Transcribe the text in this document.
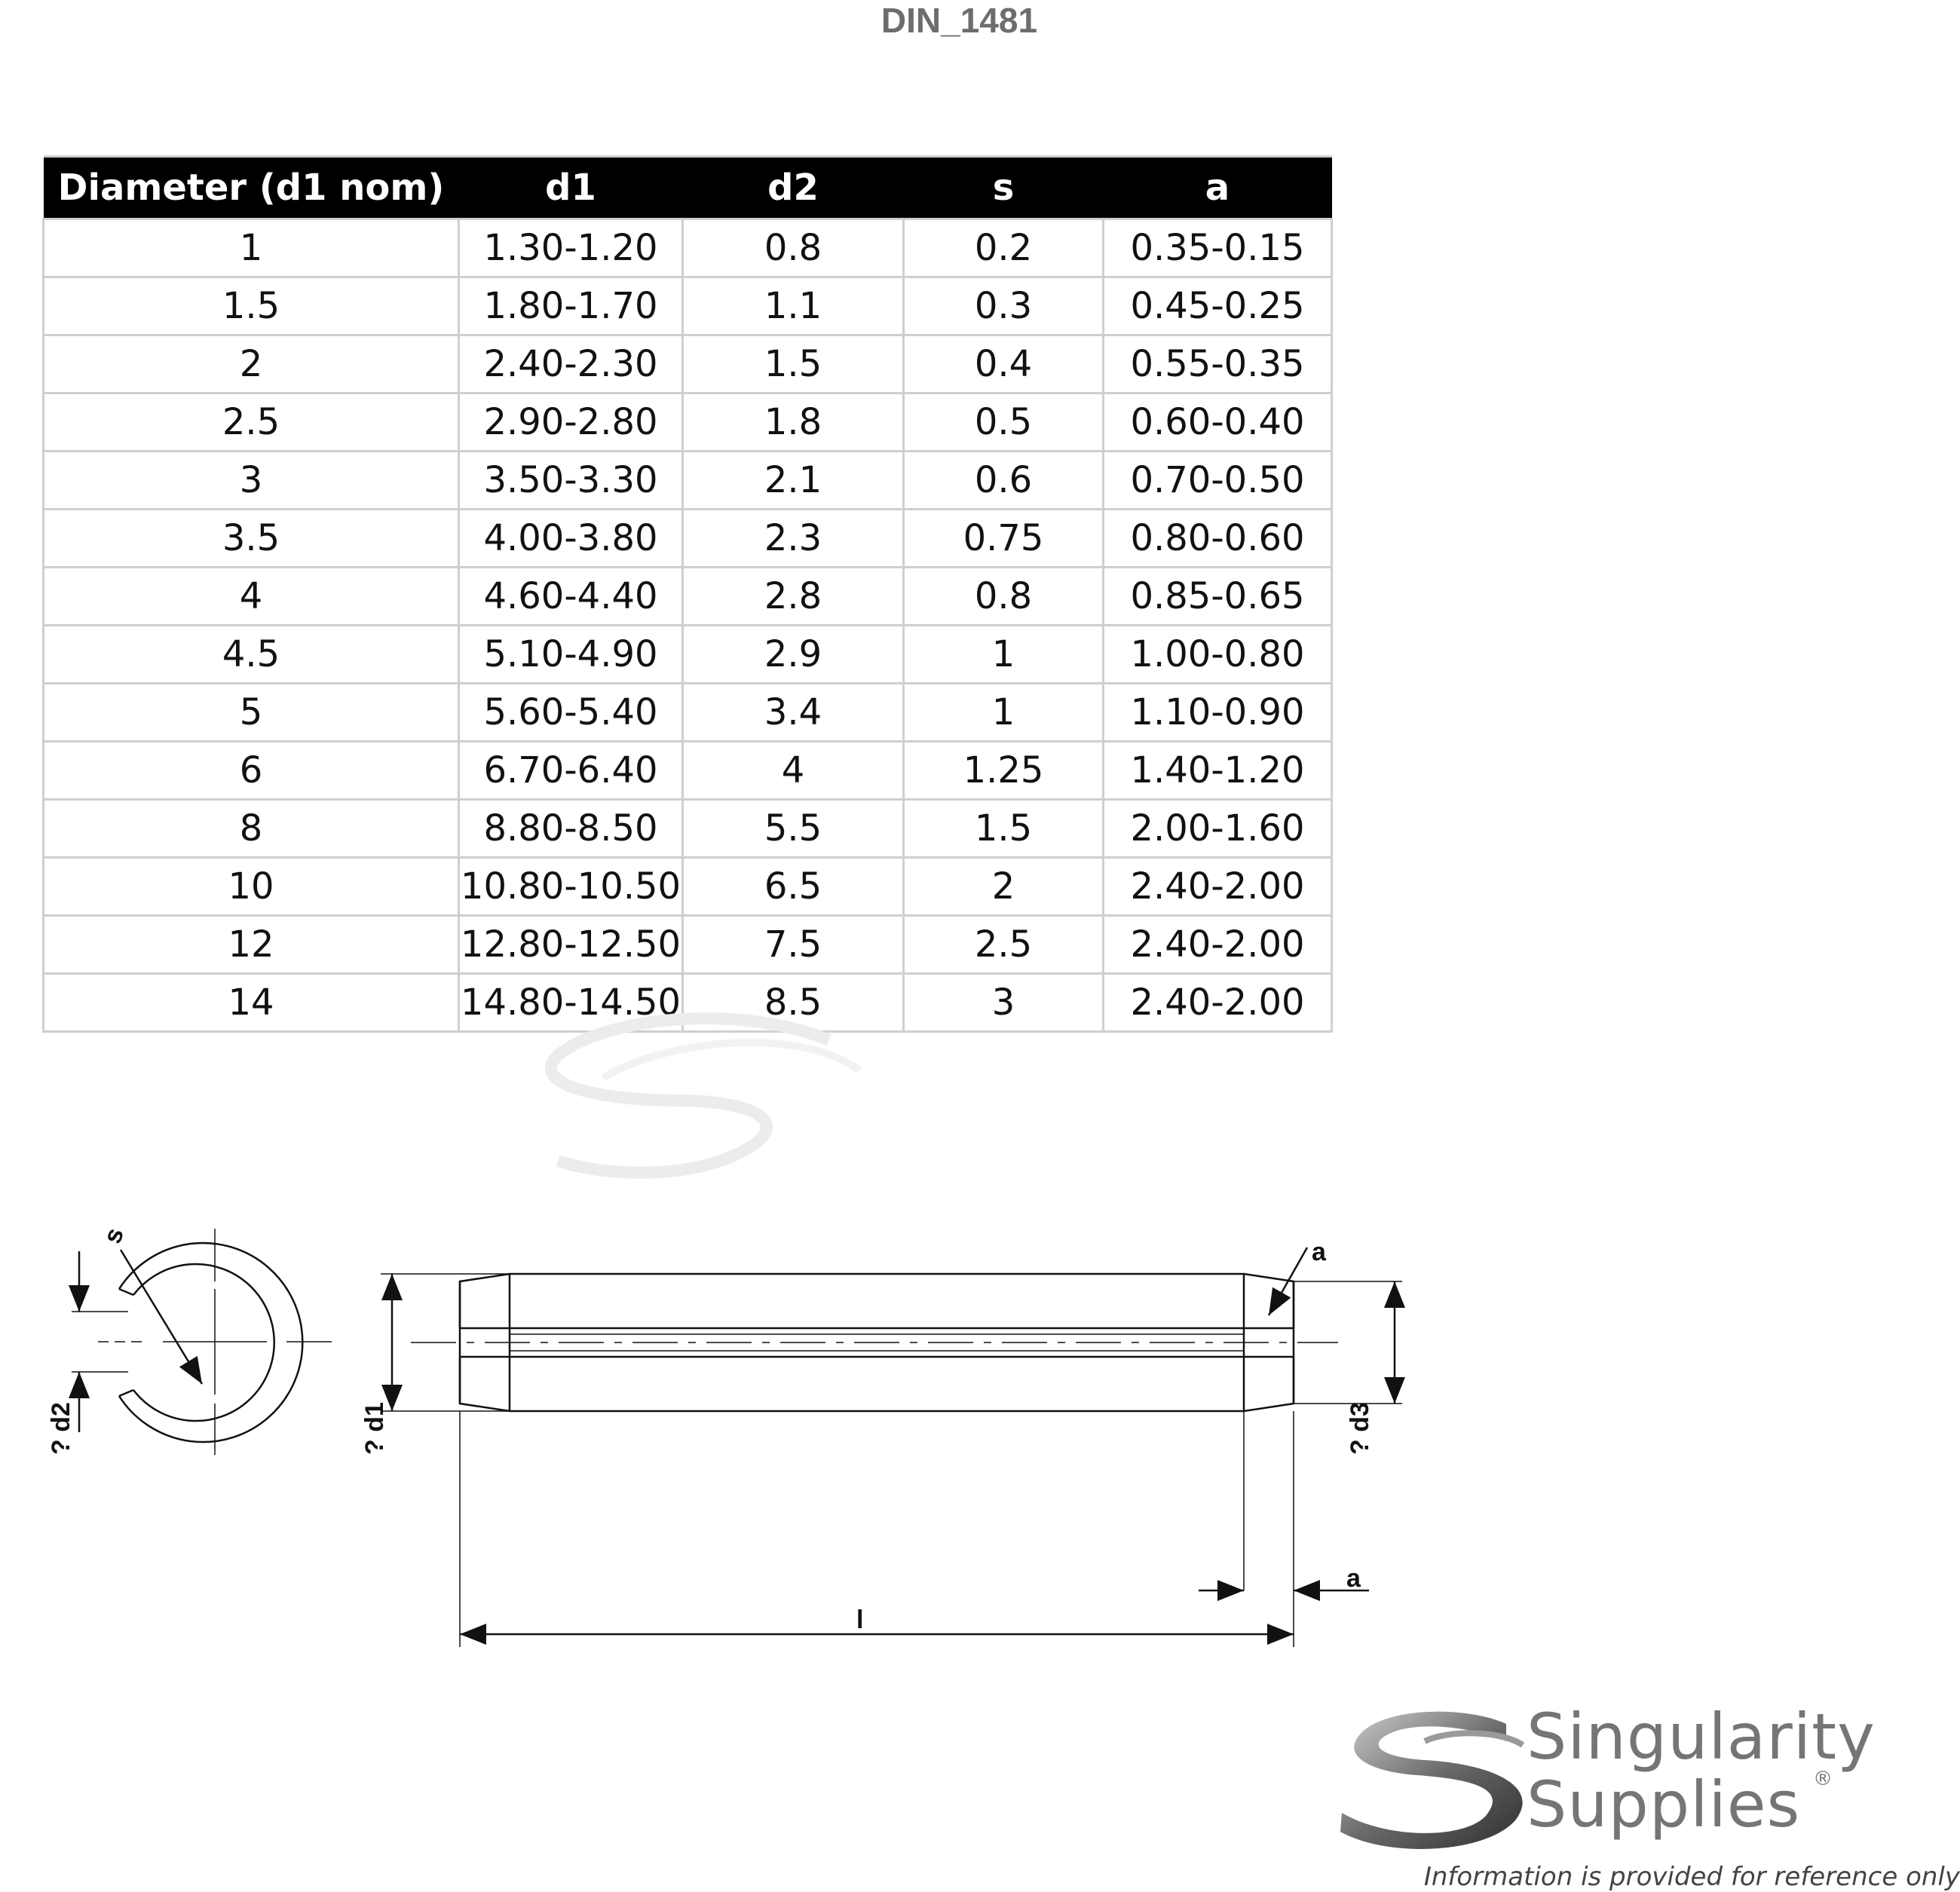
DIN_1481
Diameter (d1 nom)	d1	d2	s	a
1	1.30-1.20	0.8	0.2	0.35-0.15
1.5	1.80-1.70	1.1	0.3	0.45-0.25
2	2.40-2.30	1.5	0.4	0.55-0.35
2.5	2.90-2.80	1.8	0.5	0.60-0.40
3	3.50-3.30	2.1	0.6	0.70-0.50
3.5	4.00-3.80	2.3	0.75	0.80-0.60
4	4.60-4.40	2.8	0.8	0.85-0.65
4.5	5.10-4.90	2.9	1	1.00-0.80
5	5.60-5.40	3.4	1	1.10-0.90
6	6.70-6.40	4	1.25	1.40-1.20
8	8.80-8.50	5.5	1.5	2.00-1.60
10	10.80-10.50	6.5	2	2.40-2.00
12	12.80-12.50	7.5	2.5	2.40-2.00
14	14.80-14.50	8.5	3	2.40-2.00
s
? d2	? d1	? d3
a
a
l
Singularity
Supplies ®
Information is provided for reference only
